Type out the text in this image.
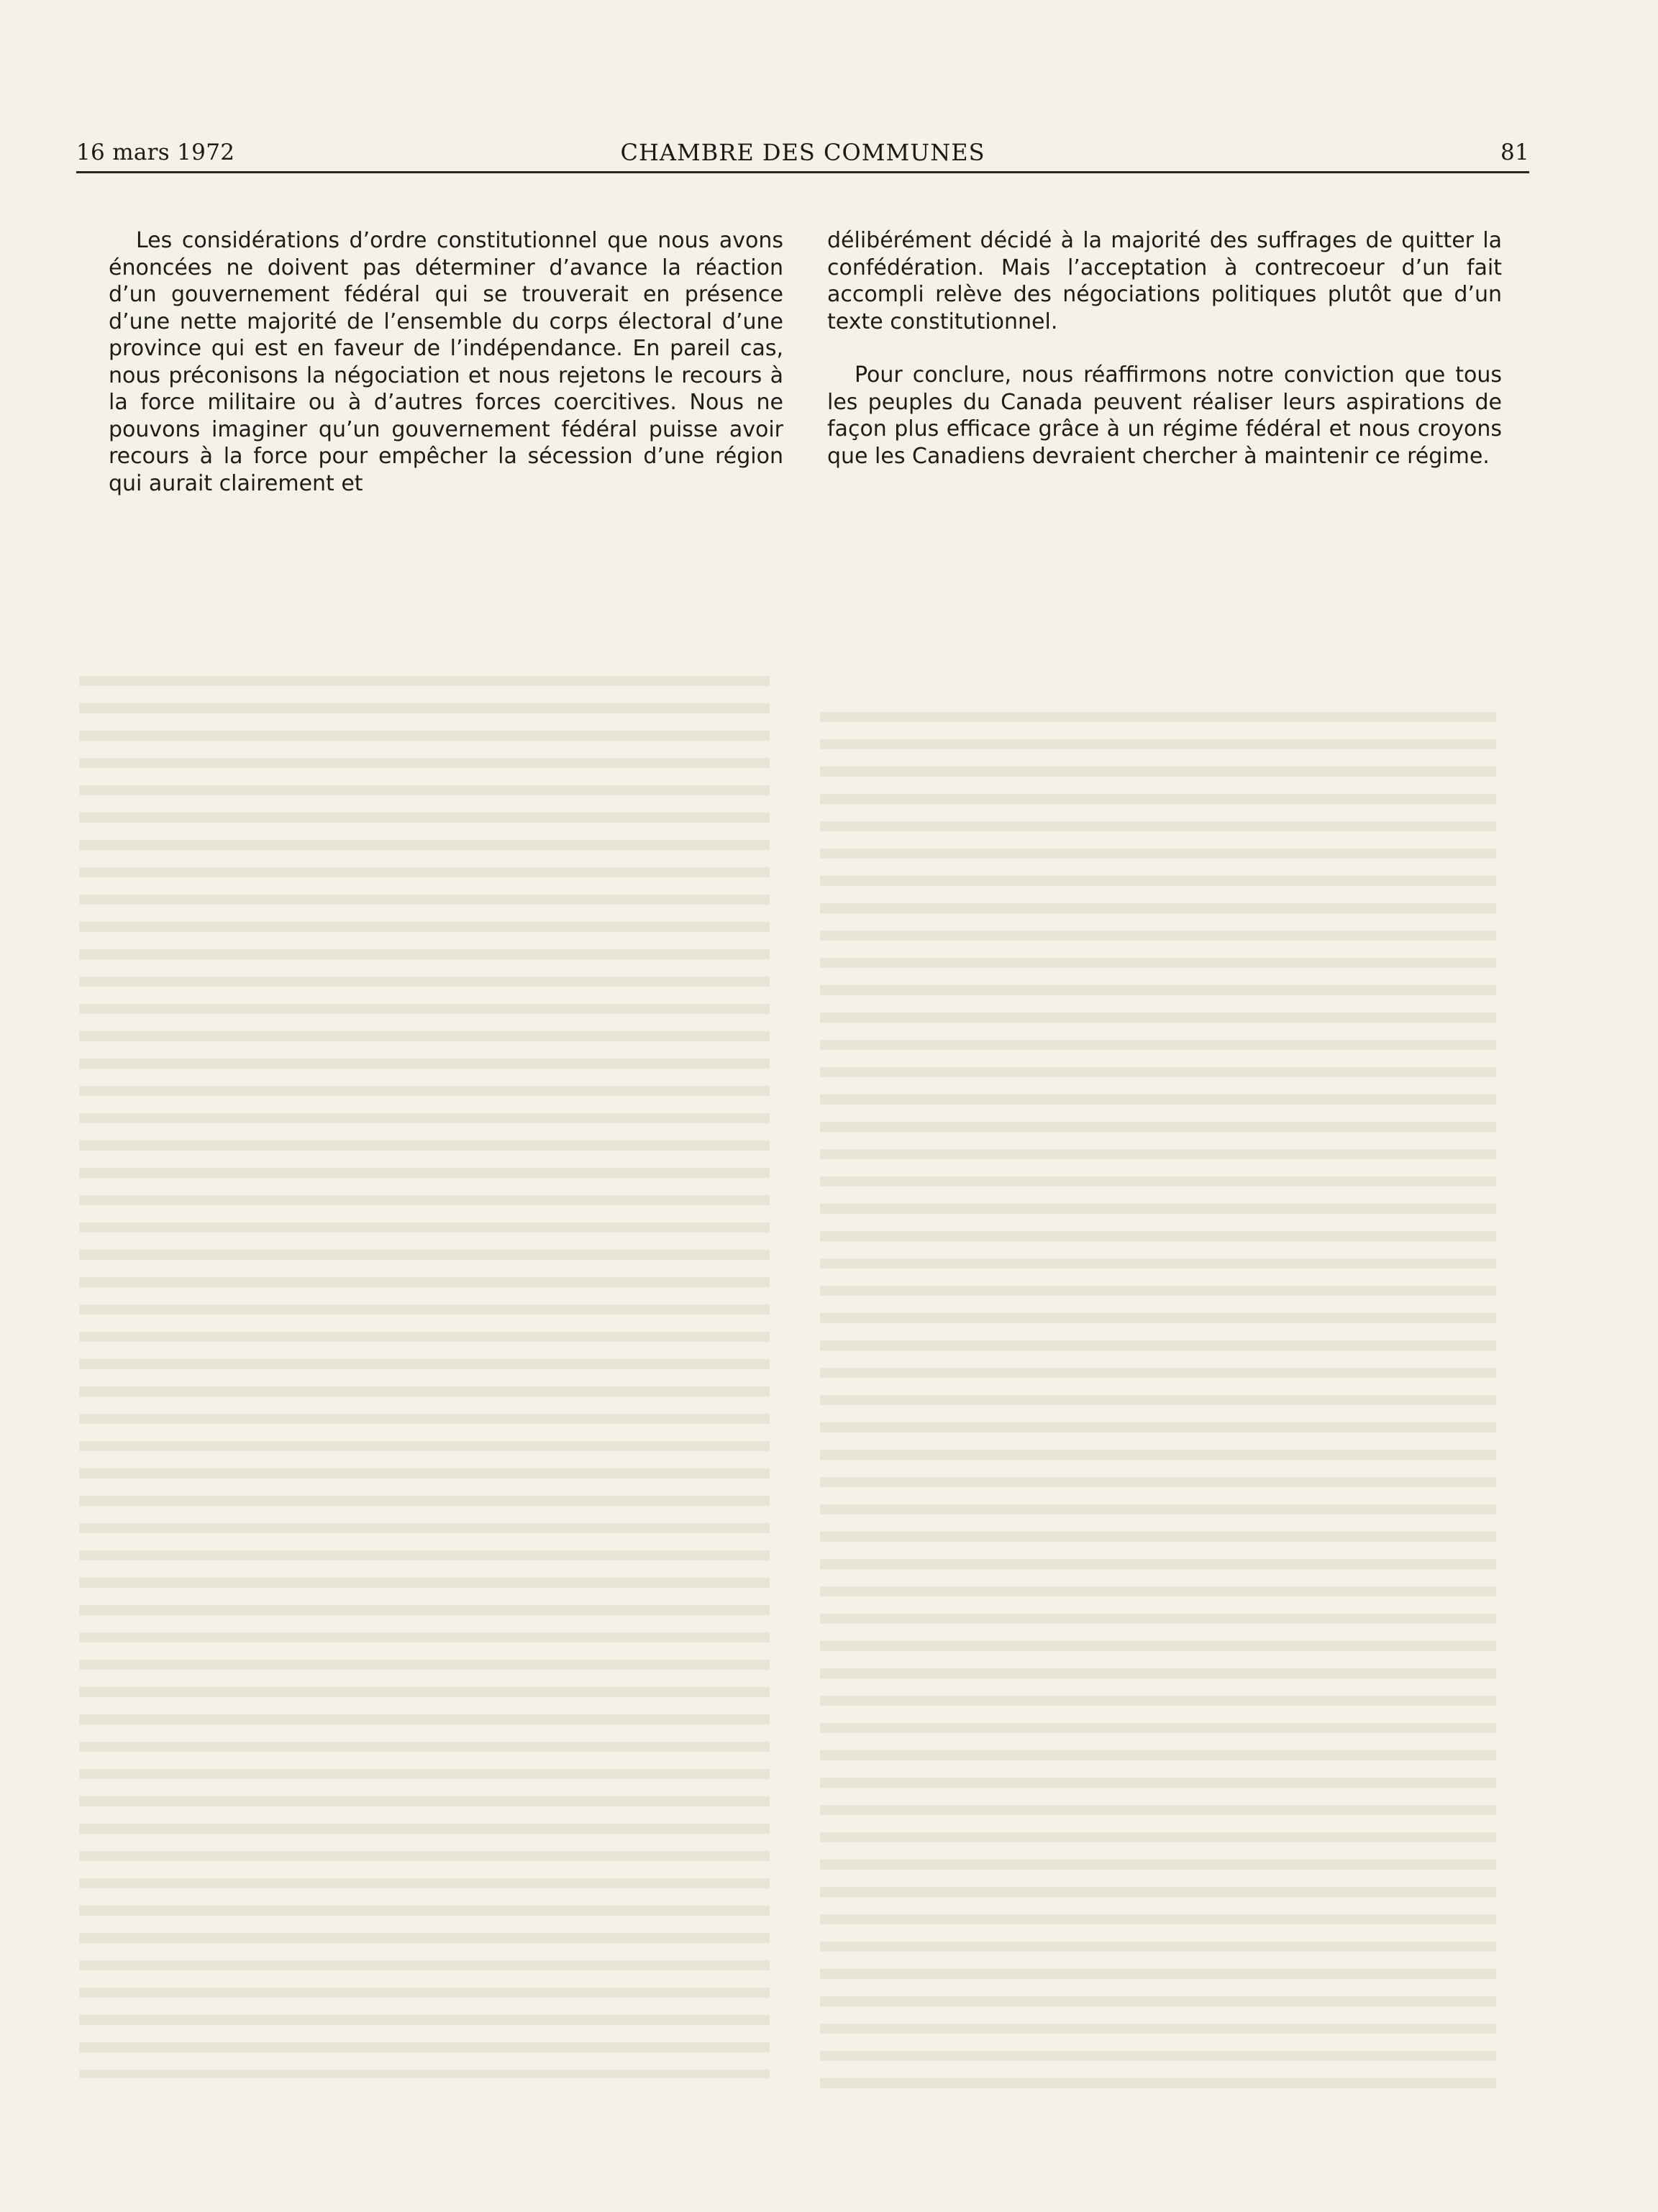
16 mars 1972	CHAMBRE DES COMMUNES	81

Les considérations d’ordre constitutionnel que nous avons énoncées ne doivent pas déterminer d’avance la réaction d’un gouvernement fédéral qui se trouverait en présence d’une nette majorité de l’ensemble du corps électoral d’une province qui est en faveur de l’indépendance. En pareil cas, nous préconisons la négociation et nous rejetons le recours à la force militaire ou à d’autres forces coercitives. Nous ne pouvons imaginer qu’un gouvernement fédéral puisse avoir recours à la force pour empêcher la sécession d’une région qui aurait clairement et

délibérément décidé à la majorité des suffrages de quitter la confédération. Mais l’acceptation à contrecoeur d’un fait accompli relève des négociations politiques plutôt que d’un texte constitutionnel.

Pour conclure, nous réaffirmons notre conviction que tous les peuples du Canada peuvent réaliser leurs aspirations de façon plus efficace grâce à un régime fédéral et nous croyons que les Canadiens devraient chercher à maintenir ce régime.
